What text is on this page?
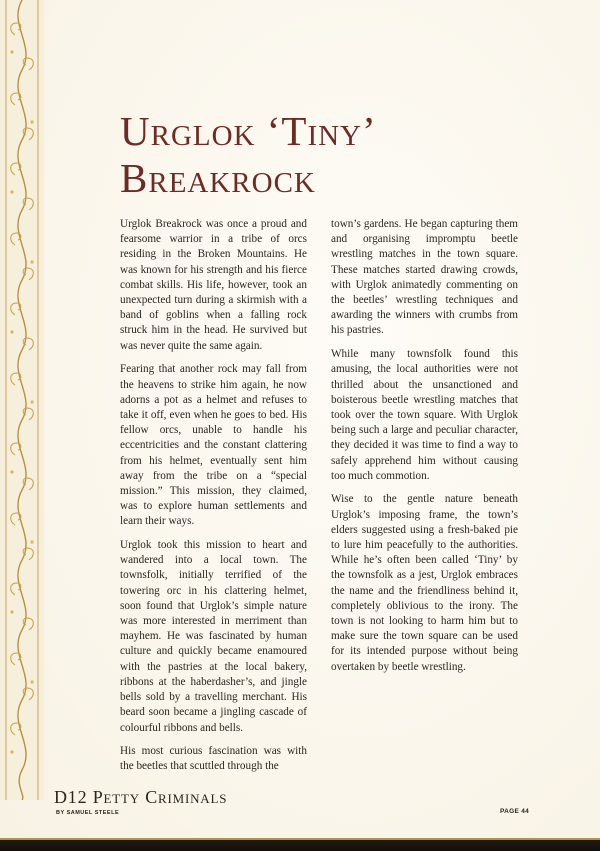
Urglok ‘Tiny’
Breakrock

Urglok Breakrock was once a proud and fearsome warrior in a tribe of orcs residing in the Broken Mountains. He was known for his strength and his fierce combat skills. His life, however, took an unexpected turn during a skirmish with a band of goblins when a falling rock struck him in the head. He survived but was never quite the same again.

Fearing that another rock may fall from the heavens to strike him again, he now adorns a pot as a helmet and refuses to take it off, even when he goes to bed. His fellow orcs, unable to handle his eccentricities and the constant clattering from his helmet, eventually sent him away from the tribe on a “special mission.” This mission, they claimed, was to explore human settlements and learn their ways.

Urglok took this mission to heart and wandered into a local town. The townsfolk, initially terrified of the towering orc in his clattering helmet, soon found that Urglok’s simple nature was more interested in merriment than mayhem. He was fascinated by human culture and quickly became enamoured with the pastries at the local bakery, ribbons at the haberdasher’s, and jingle bells sold by a travelling merchant. His beard soon became a jingling cascade of colourful ribbons and bells.

His most curious fascination was with the beetles that scuttled through the

town’s gardens. He began capturing them and organising impromptu beetle wrestling matches in the town square. These matches started drawing crowds, with Urglok animatedly commenting on the beetles’ wrestling techniques and awarding the winners with crumbs from his pastries.

While many townsfolk found this amusing, the local authorities were not thrilled about the unsanctioned and boisterous beetle wrestling matches that took over the town square. With Urglok being such a large and peculiar character, they decided it was time to find a way to safely apprehend him without causing too much commotion.

Wise to the gentle nature beneath Urglok’s imposing frame, the town’s elders suggested using a fresh-baked pie to lure him peacefully to the authorities. While he’s often been called ‘Tiny’ by the townsfolk as a jest, Urglok embraces the name and the friendliness behind it, completely oblivious to the irony. The town is not looking to harm him but to make sure the town square can be used for its intended purpose without being overtaken by beetle wrestling.

D12 Petty Criminals
BY SAMUEL STEELE	PAGE 44
